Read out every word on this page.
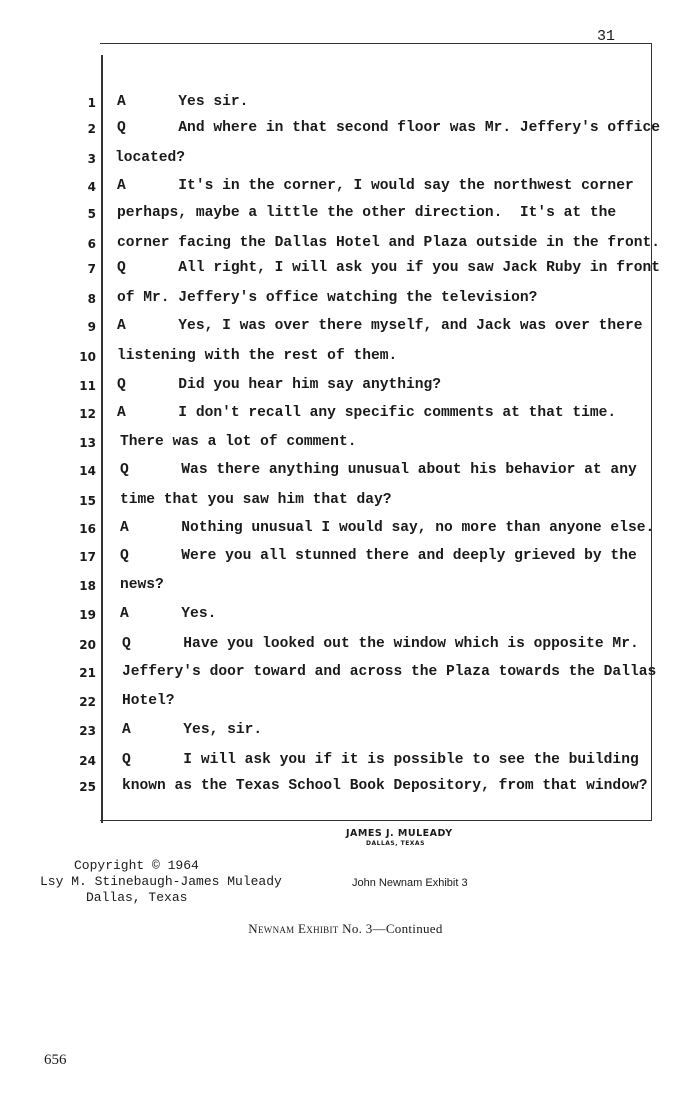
31
1 A      Yes sir.
2 Q      And where in that second floor was Mr. Jeffery's office
3 located?
4 A      It's in the corner, I would say the northwest corner
5 perhaps, maybe a little the other direction.  It's at the
6 corner facing the Dallas Hotel and Plaza outside in the front.
7 Q      All right, I will ask you if you saw Jack Ruby in front
8 of Mr. Jeffery's office watching the television?
9 A      Yes, I was over there myself, and Jack was over there
10 listening with the rest of them.
11 Q      Did you hear him say anything?
12 A      I don't recall any specific comments at that time.
13 There was a lot of comment.
14 Q      Was there anything unusual about his behavior at any
15 time that you saw him that day?
16 A      Nothing unusual I would say, no more than anyone else.
17 Q      Were you all stunned there and deeply grieved by the
18 news?
19 A      Yes.
20 Q      Have you looked out the window which is opposite Mr.
21 Jeffery's door toward and across the Plaza towards the Dallas
22 Hotel?
23 A      Yes, sir.
24 Q      I will ask you if it is possible to see the building
25 known as the Texas School Book Depository, from that window?
JAMES J. MULEADY
DALLAS, TEXAS
Copyright © 1964
Lsy M. Stinebaugh-James Muleady
Dallas, Texas
John Newnam Exhibit 3
Newnam Exhibit No. 3—Continued
656
